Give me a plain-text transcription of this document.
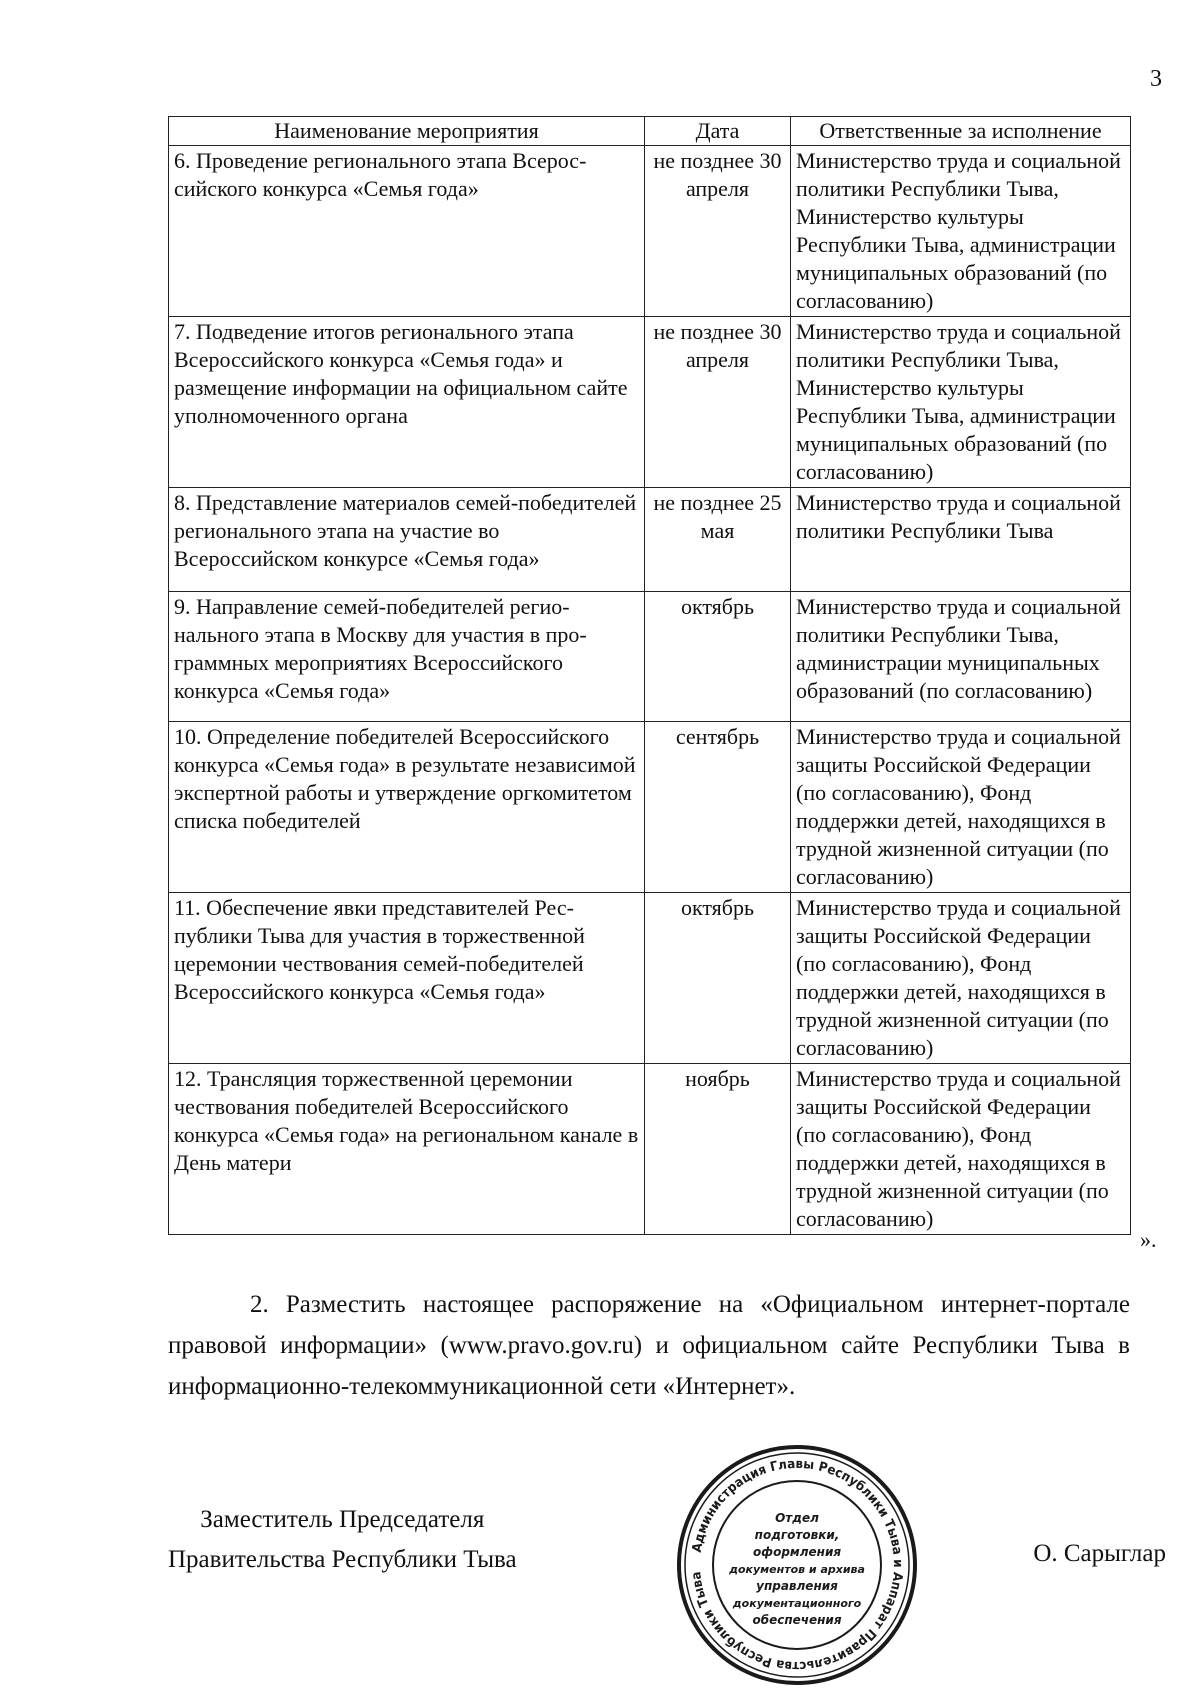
3
Наименование мероприятия	Дата	Ответственные за исполнение
6. Проведение регионального этапа Всероссийского конкурса «Семья года»	не позднее 30 апреля	Министерство труда и социальной политики Республики Тыва, Министерство культуры Республики Тыва, администрации муниципальных образований (по согласованию)
7. Подведение итогов регионального этапа Всероссийского конкурса «Семья года» и размещение информации на официальном сайте уполномоченного органа	не позднее 30 апреля	Министерство труда и социальной политики Республики Тыва, Министерство культуры Республики Тыва, администрации муниципальных образований (по согласованию)
8. Представление материалов семей-победителей регионального этапа на участие во Всероссийском конкурсе «Семья года»	не позднее 25 мая	Министерство труда и социальной политики Республики Тыва
9. Направление семей-победителей регионального этапа в Москву для участия в программных мероприятиях Всероссийского конкурса «Семья года»	октябрь	Министерство труда и социальной политики Республики Тыва, администрации муниципальных образований (по согласованию)
10. Определение победителей Всероссийского конкурса «Семья года» в результате независимой экспертной работы и утверждение оргкомитетом списка победителей	сентябрь	Министерство труда и социальной защиты Российской Федерации (по согласованию), Фонд поддержки детей, находящихся в трудной жизненной ситуации (по согласованию)
11. Обеспечение явки представителей Республики Тыва для участия в торжественной церемонии чествования семей-победителей Всероссийского конкурса «Семья года»	октябрь	Министерство труда и социальной защиты Российской Федерации (по согласованию), Фонд поддержки детей, находящихся в трудной жизненной ситуации (по согласованию)
12. Трансляция торжественной церемонии чествования победителей Всероссийского конкурса «Семья года» на региональном канале в День матери	ноябрь	Министерство труда и социальной защиты Российской Федерации (по согласованию), Фонд поддержки детей, находящихся в трудной жизненной ситуации (по согласованию)
».
2. Разместить настоящее распоряжение на «Официальном интернет-портале правовой информации» (www.pravo.gov.ru) и официальном сайте Республики Тыва в информационно-телекоммуникационной сети «Интернет».
Заместитель Председателя
Правительства Республики Тыва	О. Сарыглар
Администрация Главы Республики Тыва и Аппарат Правительства Республики Тыва
Отдел
подготовки,
оформления
документов и архива
управления
документационного
обеспечения
